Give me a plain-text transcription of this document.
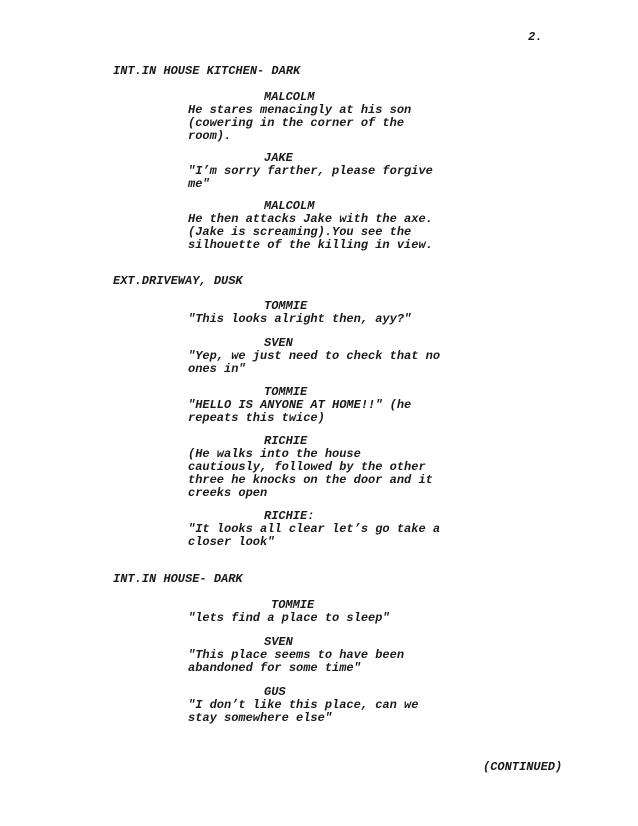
2.
INT.IN HOUSE KITCHEN- DARK
MALCOLM
He stares menacingly at his son
(cowering in the corner of the
room).
JAKE
"I’m sorry farther, please forgive
me"
MALCOLM
He then attacks Jake with the axe.
(Jake is screaming).You see the
silhouette of the killing in view.
EXT.DRIVEWAY, DUSK
TOMMIE
"This looks alright then, ayy?"
SVEN
"Yep, we just need to check that no
ones in"
TOMMIE
"HELLO IS ANYONE AT HOME!!" (he
repeats this twice)
RICHIE
(He walks into the house
cautiously, followed by the other
three he knocks on the door and it
creeks open
RICHIE:
"It looks all clear let’s go take a
closer look"
INT.IN HOUSE- DARK
TOMMIE
"lets find a place to sleep"
SVEN
"This place seems to have been
abandoned for some time"
GUS
"I don’t like this place, can we
stay somewhere else"
(CONTINUED)
